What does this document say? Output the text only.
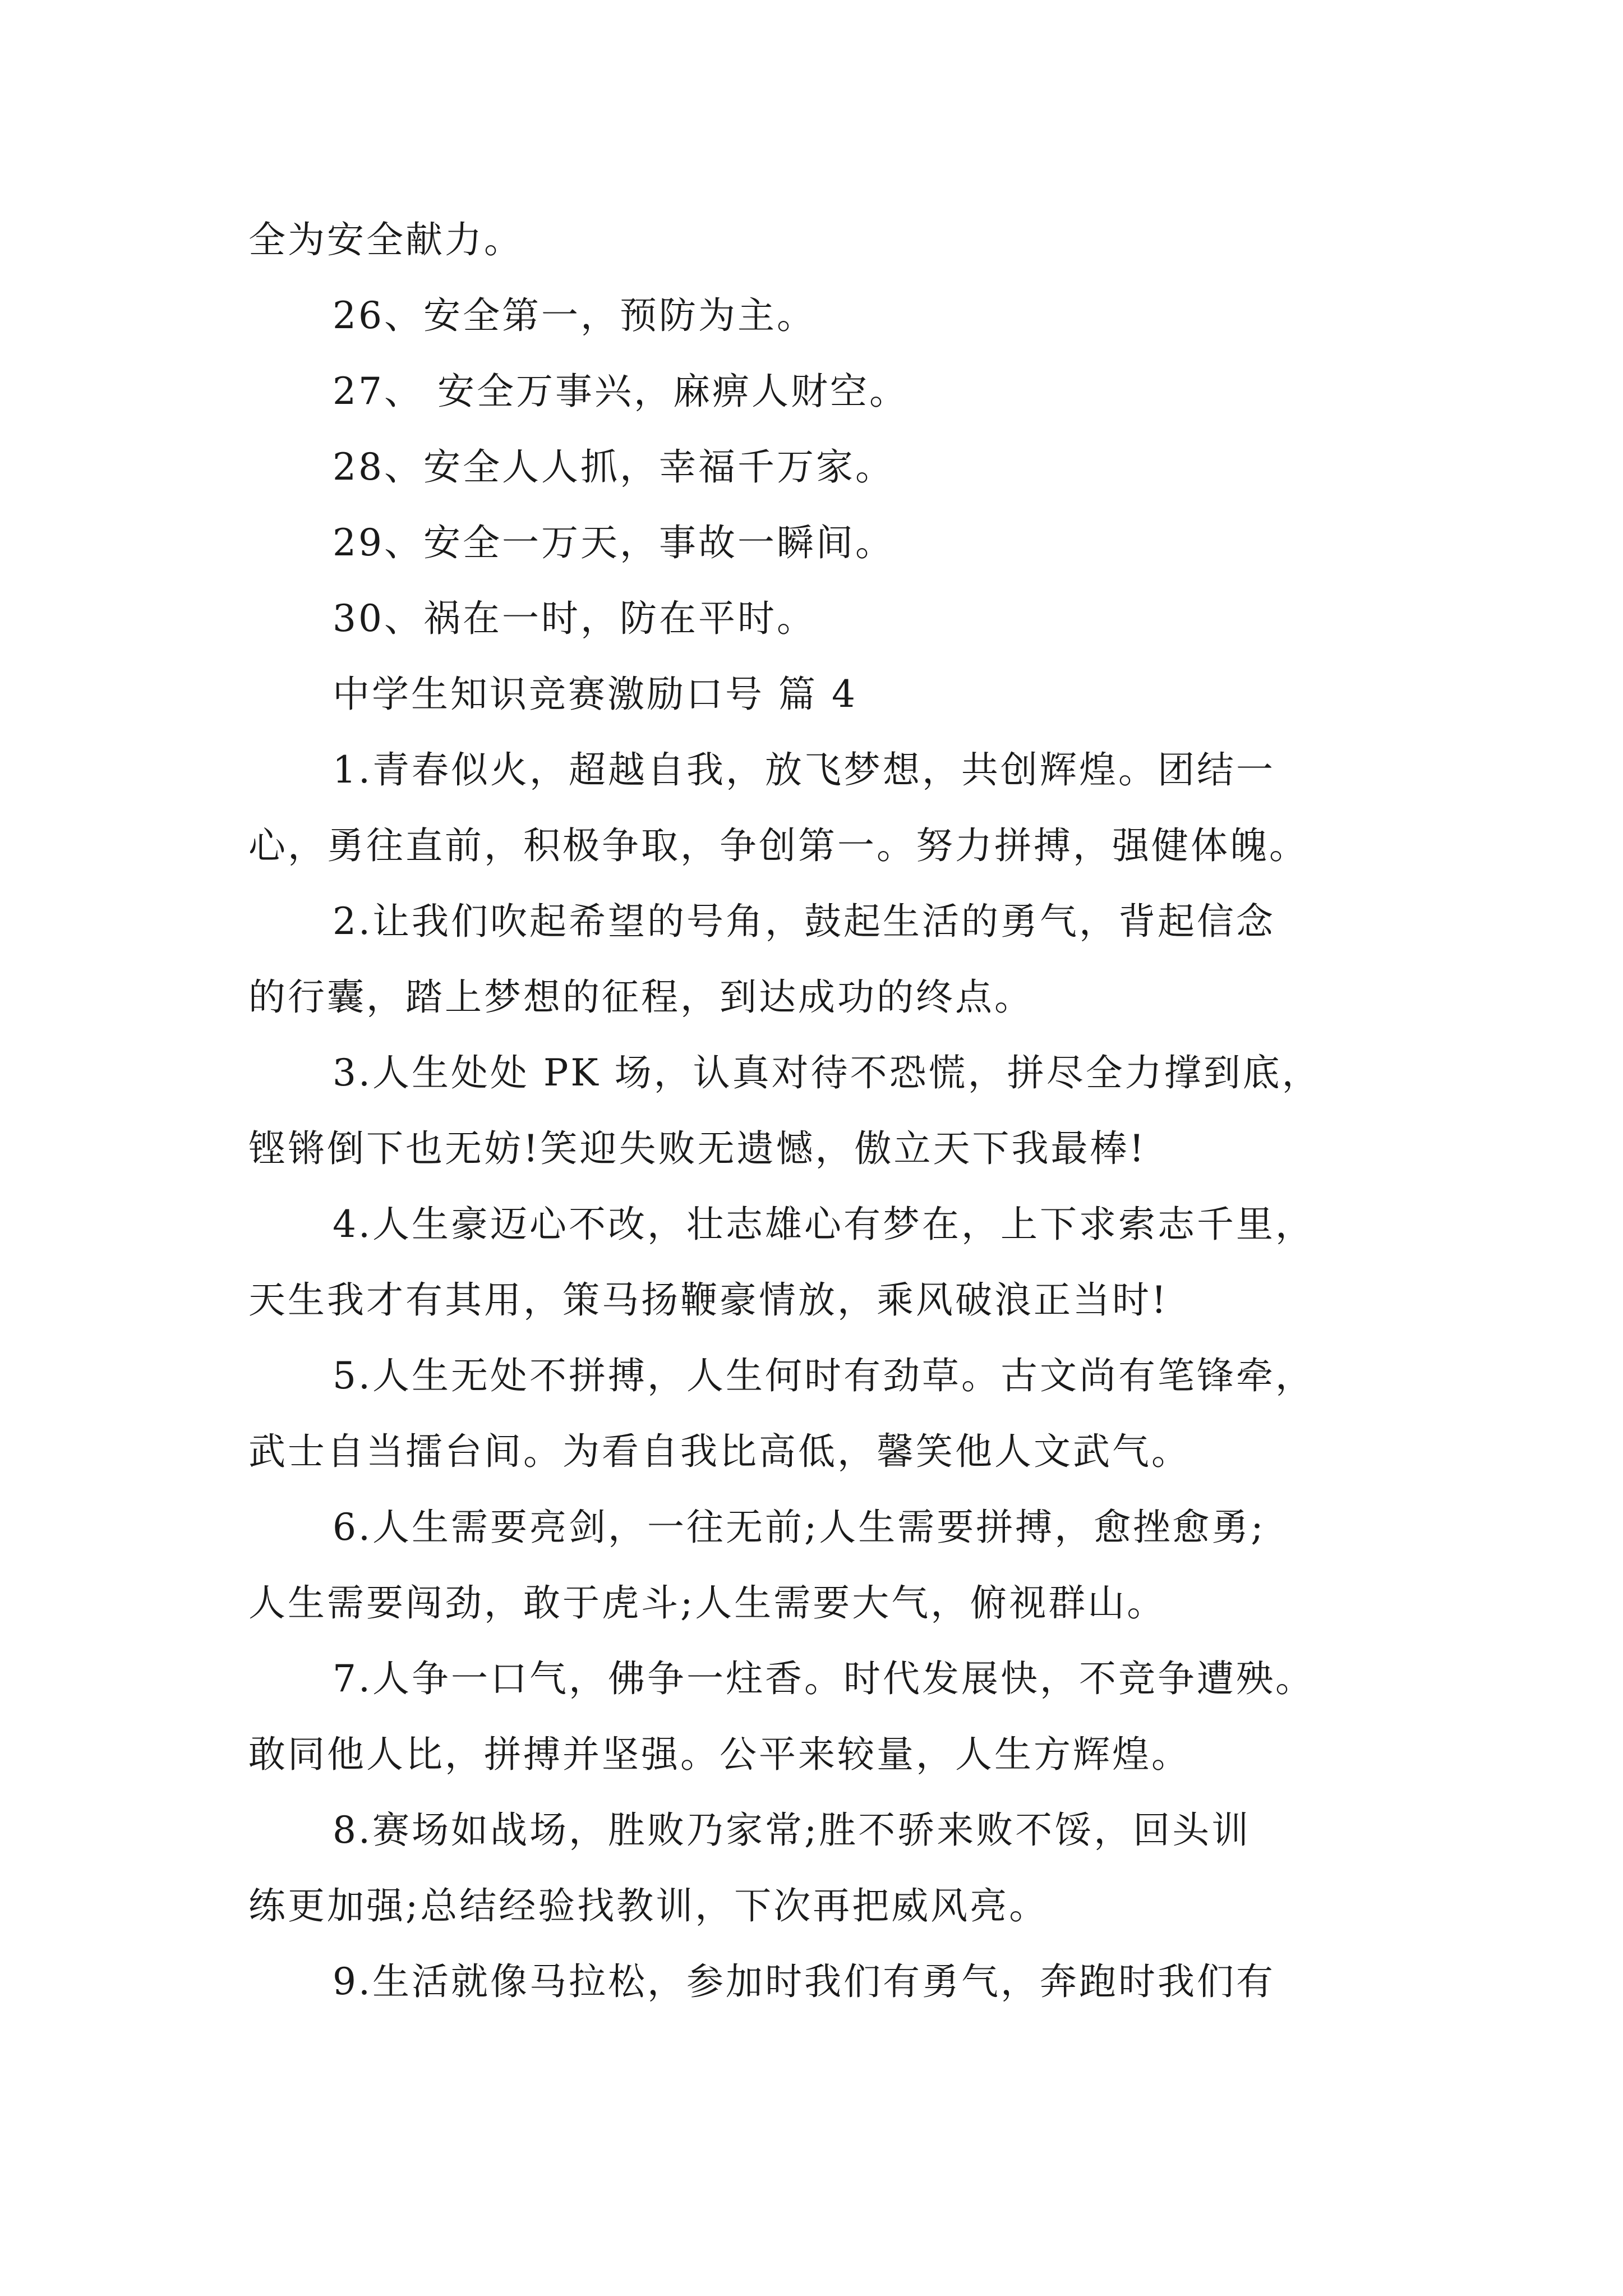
全为安全献力。
26、安全第一，预防为主。
27、 安全万事兴，麻痹人财空。
28、安全人人抓，幸福千万家。
29、安全一万天，事故一瞬间。
30、祸在一时，防在平时。
中学生知识竞赛激励口号 篇 4
1.青春似火，超越自我，放飞梦想，共创辉煌。团结一
心，勇往直前，积极争取，争创第一。努力拼搏，强健体魄。
2.让我们吹起希望的号角，鼓起生活的勇气，背起信念
的行囊，踏上梦想的征程，到达成功的终点。
3.人生处处 PK 场，认真对待不恐慌，拼尽全力撑到底，
铿锵倒下也无妨!笑迎失败无遗憾，傲立天下我最棒!
4.人生豪迈心不改，壮志雄心有梦在，上下求索志千里，
天生我才有其用，策马扬鞭豪情放，乘风破浪正当时!
5.人生无处不拼搏，人生何时有劲草。古文尚有笔锋牵，
武士自当擂台间。为看自我比高低，馨笑他人文武气。
6.人生需要亮剑，一往无前;人生需要拼搏，愈挫愈勇;
人生需要闯劲，敢于虎斗;人生需要大气，俯视群山。
7.人争一口气，佛争一炷香。时代发展快，不竞争遭殃。
敢同他人比，拼搏并坚强。公平来较量，人生方辉煌。
8.赛场如战场，胜败乃家常;胜不骄来败不馁，回头训
练更加强;总结经验找教训，下次再把威风亮。
9.生活就像马拉松，参加时我们有勇气，奔跑时我们有
